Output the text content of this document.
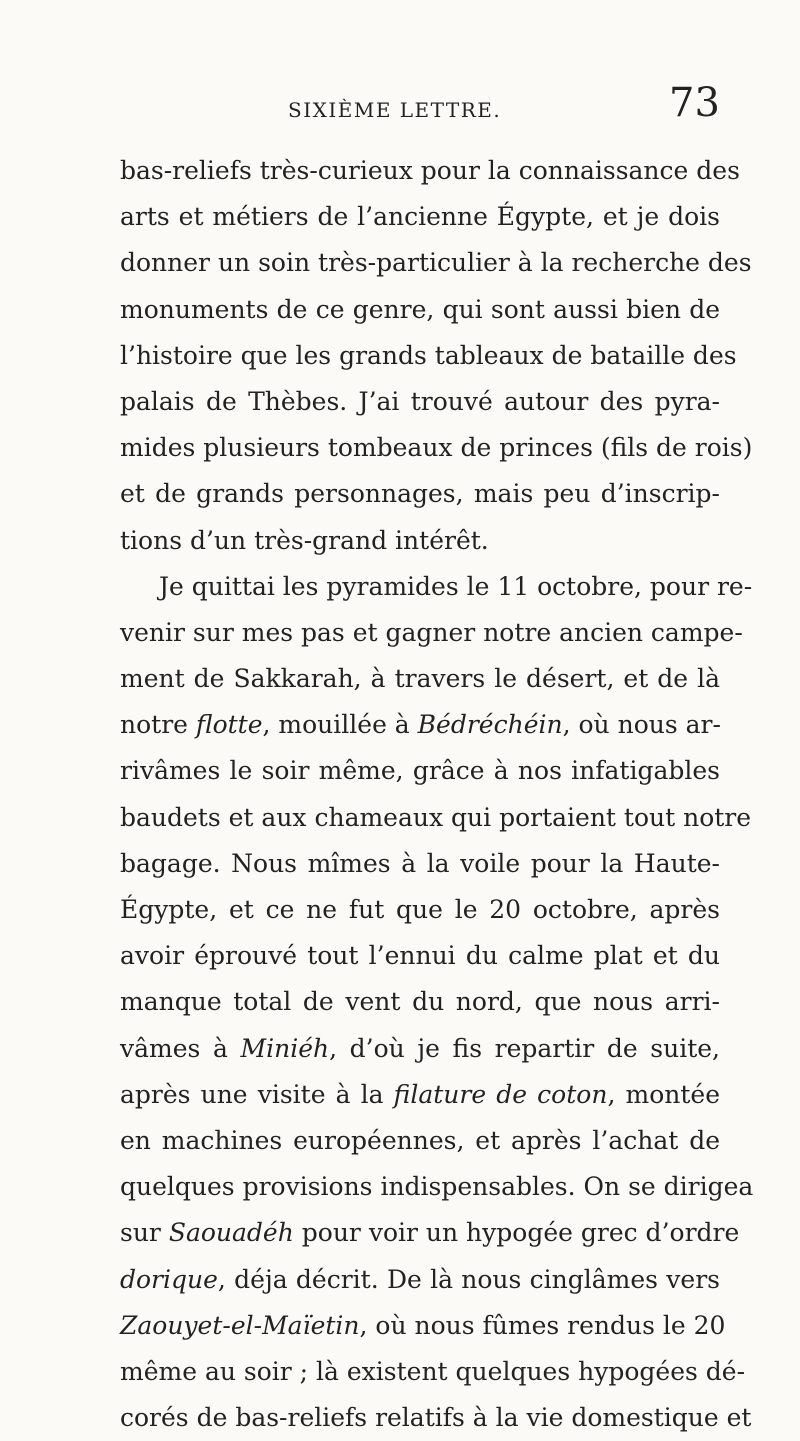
SIXIÈME LETTRE.	73
bas-reliefs très-curieux pour la connaissance des
arts et métiers de l’ancienne Égypte, et je dois
donner un soin très-particulier à la recherche des
monuments de ce genre, qui sont aussi bien de
l’histoire que les grands tableaux de bataille des
palais de Thèbes. J’ai trouvé autour des pyra-
mides plusieurs tombeaux de princes (fils de rois)
et de grands personnages, mais peu d’inscrip-
tions d’un très-grand intérêt.
Je quittai les pyramides le 11 octobre, pour re-
venir sur mes pas et gagner notre ancien campe-
ment de Sakkarah, à travers le désert, et de là
notre flotte, mouillée à Bédréchéin, où nous ar-
rivâmes le soir même, grâce à nos infatigables
baudets et aux chameaux qui portaient tout notre
bagage. Nous mîmes à la voile pour la Haute-
Égypte, et ce ne fut que le 20 octobre, après
avoir éprouvé tout l’ennui du calme plat et du
manque total de vent du nord, que nous arri-
vâmes à Miniéh, d’où je fis repartir de suite,
après une visite à la filature de coton, montée
en machines européennes, et après l’achat de
quelques provisions indispensables. On se dirigea
sur Saouadéh pour voir un hypogée grec d’ordre
dorique, déja décrit. De là nous cinglâmes vers
Zaouyet-el-Maïetin, où nous fûmes rendus le 20
même au soir ; là existent quelques hypogées dé-
corés de bas-reliefs relatifs à la vie domestique et
